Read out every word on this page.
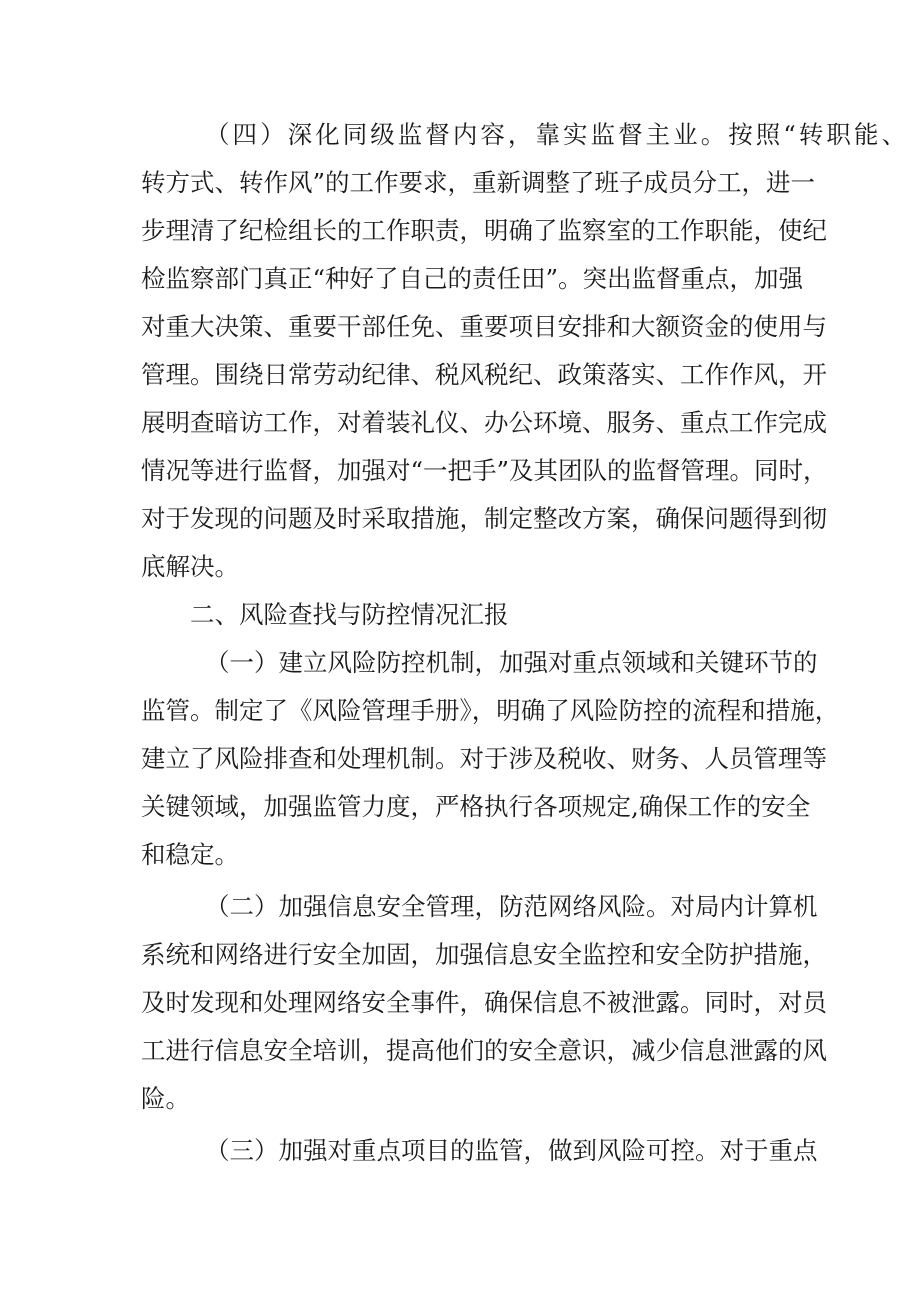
（四）深化同级监督内容，靠实监督主业。按照“转职能、
转方式、转作风”的工作要求，重新调整了班子成员分工，进一
步理清了纪检组长的工作职责，明确了监察室的工作职能，使纪
检监察部门真正“种好了自己的责任田”。突出监督重点，加强
对重大决策、重要干部任免、重要项目安排和大额资金的使用与
管理。围绕日常劳动纪律、税风税纪、政策落实、工作作风，开
展明查暗访工作，对着装礼仪、办公环境、服务、重点工作完成
情况等进行监督，加强对“一把手”及其团队的监督管理。同时，
对于发现的问题及时采取措施，制定整改方案，确保问题得到彻
底解决。
二、风险查找与防控情况汇报
（一）建立风险防控机制，加强对重点领域和关键环节的
监管。制定了《风险管理手册》，明确了风险防控的流程和措施，
建立了风险排查和处理机制。对于涉及税收、财务、人员管理等
关键领域，加强监管力度，严格执行各项规定,确保工作的安全
和稳定。
（二）加强信息安全管理，防范网络风险。对局内计算机
系统和网络进行安全加固，加强信息安全监控和安全防护措施，
及时发现和处理网络安全事件，确保信息不被泄露。同时，对员
工进行信息安全培训，提高他们的安全意识，减少信息泄露的风
险。
（三）加强对重点项目的监管，做到风险可控。对于重点
